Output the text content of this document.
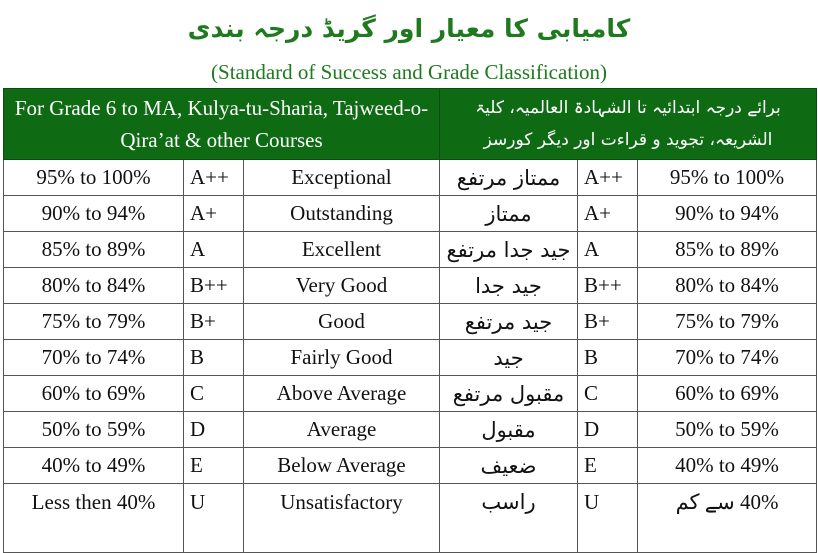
کامیابی کا معیار اور گریڈ درجہ بندی
(Standard of Success and Grade Classification)
For Grade 6 to MA, Kulya-tu-Sharia, Tajweed-o-Qira’at & other Courses			برائے درجہ ابتدائیہ تا الشہادۃ العالمیہ، کلیۃ الشریعہ، تجوید و قراءت اور دیگر کورسز		
95% to 100%	A++	Exceptional	ممتاز مرتفع	A++	95% to 100%
90% to 94%	A+	Outstanding	ممتاز	A+	90% to 94%
85% to 89%	A	Excellent	جید جدا مرتفع	A	85% to 89%
80% to 84%	B++	Very Good	جید جدا	B++	80% to 84%
75% to 79%	B+	Good	جید مرتفع	B+	75% to 79%
70% to 74%	B	Fairly Good	جید	B	70% to 74%
60% to 69%	C	Above Average	مقبول مرتفع	C	60% to 69%
50% to 59%	D	Average	مقبول	D	50% to 59%
40% to 49%	E	Below Average	ضعیف	E	40% to 49%
Less then 40%	U	Unsatisfactory	راسب	U	40% سے کم
